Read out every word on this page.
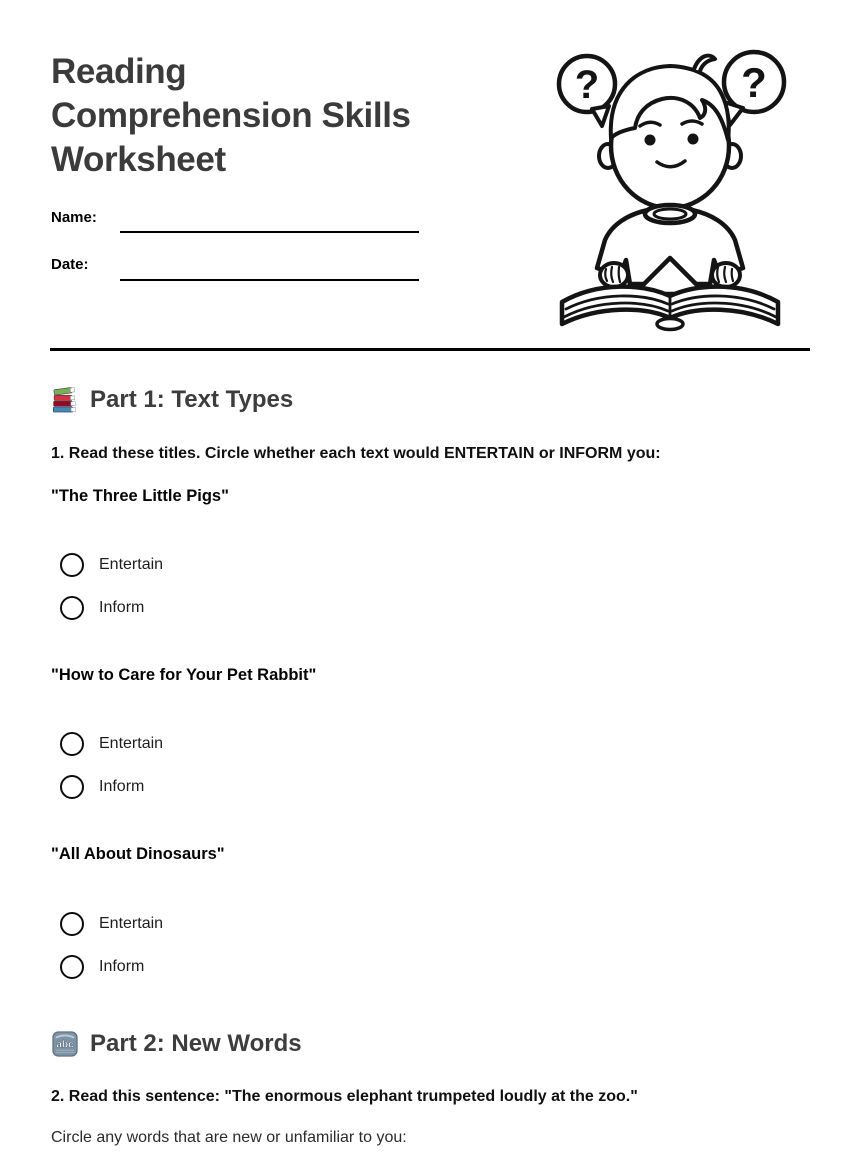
Reading Comprehension Skills Worksheet
?	?
Name:
Date:
Part 1: Text Types
1. Read these titles. Circle whether each text would ENTERTAIN or INFORM you:
"The Three Little Pigs"
Entertain
Inform
"How to Care for Your Pet Rabbit"
Entertain
Inform
"All About Dinosaurs"
Entertain
Inform
abc Part 2: New Words
2. Read this sentence: "The enormous elephant trumpeted loudly at the zoo."
Circle any words that are new or unfamiliar to you:
